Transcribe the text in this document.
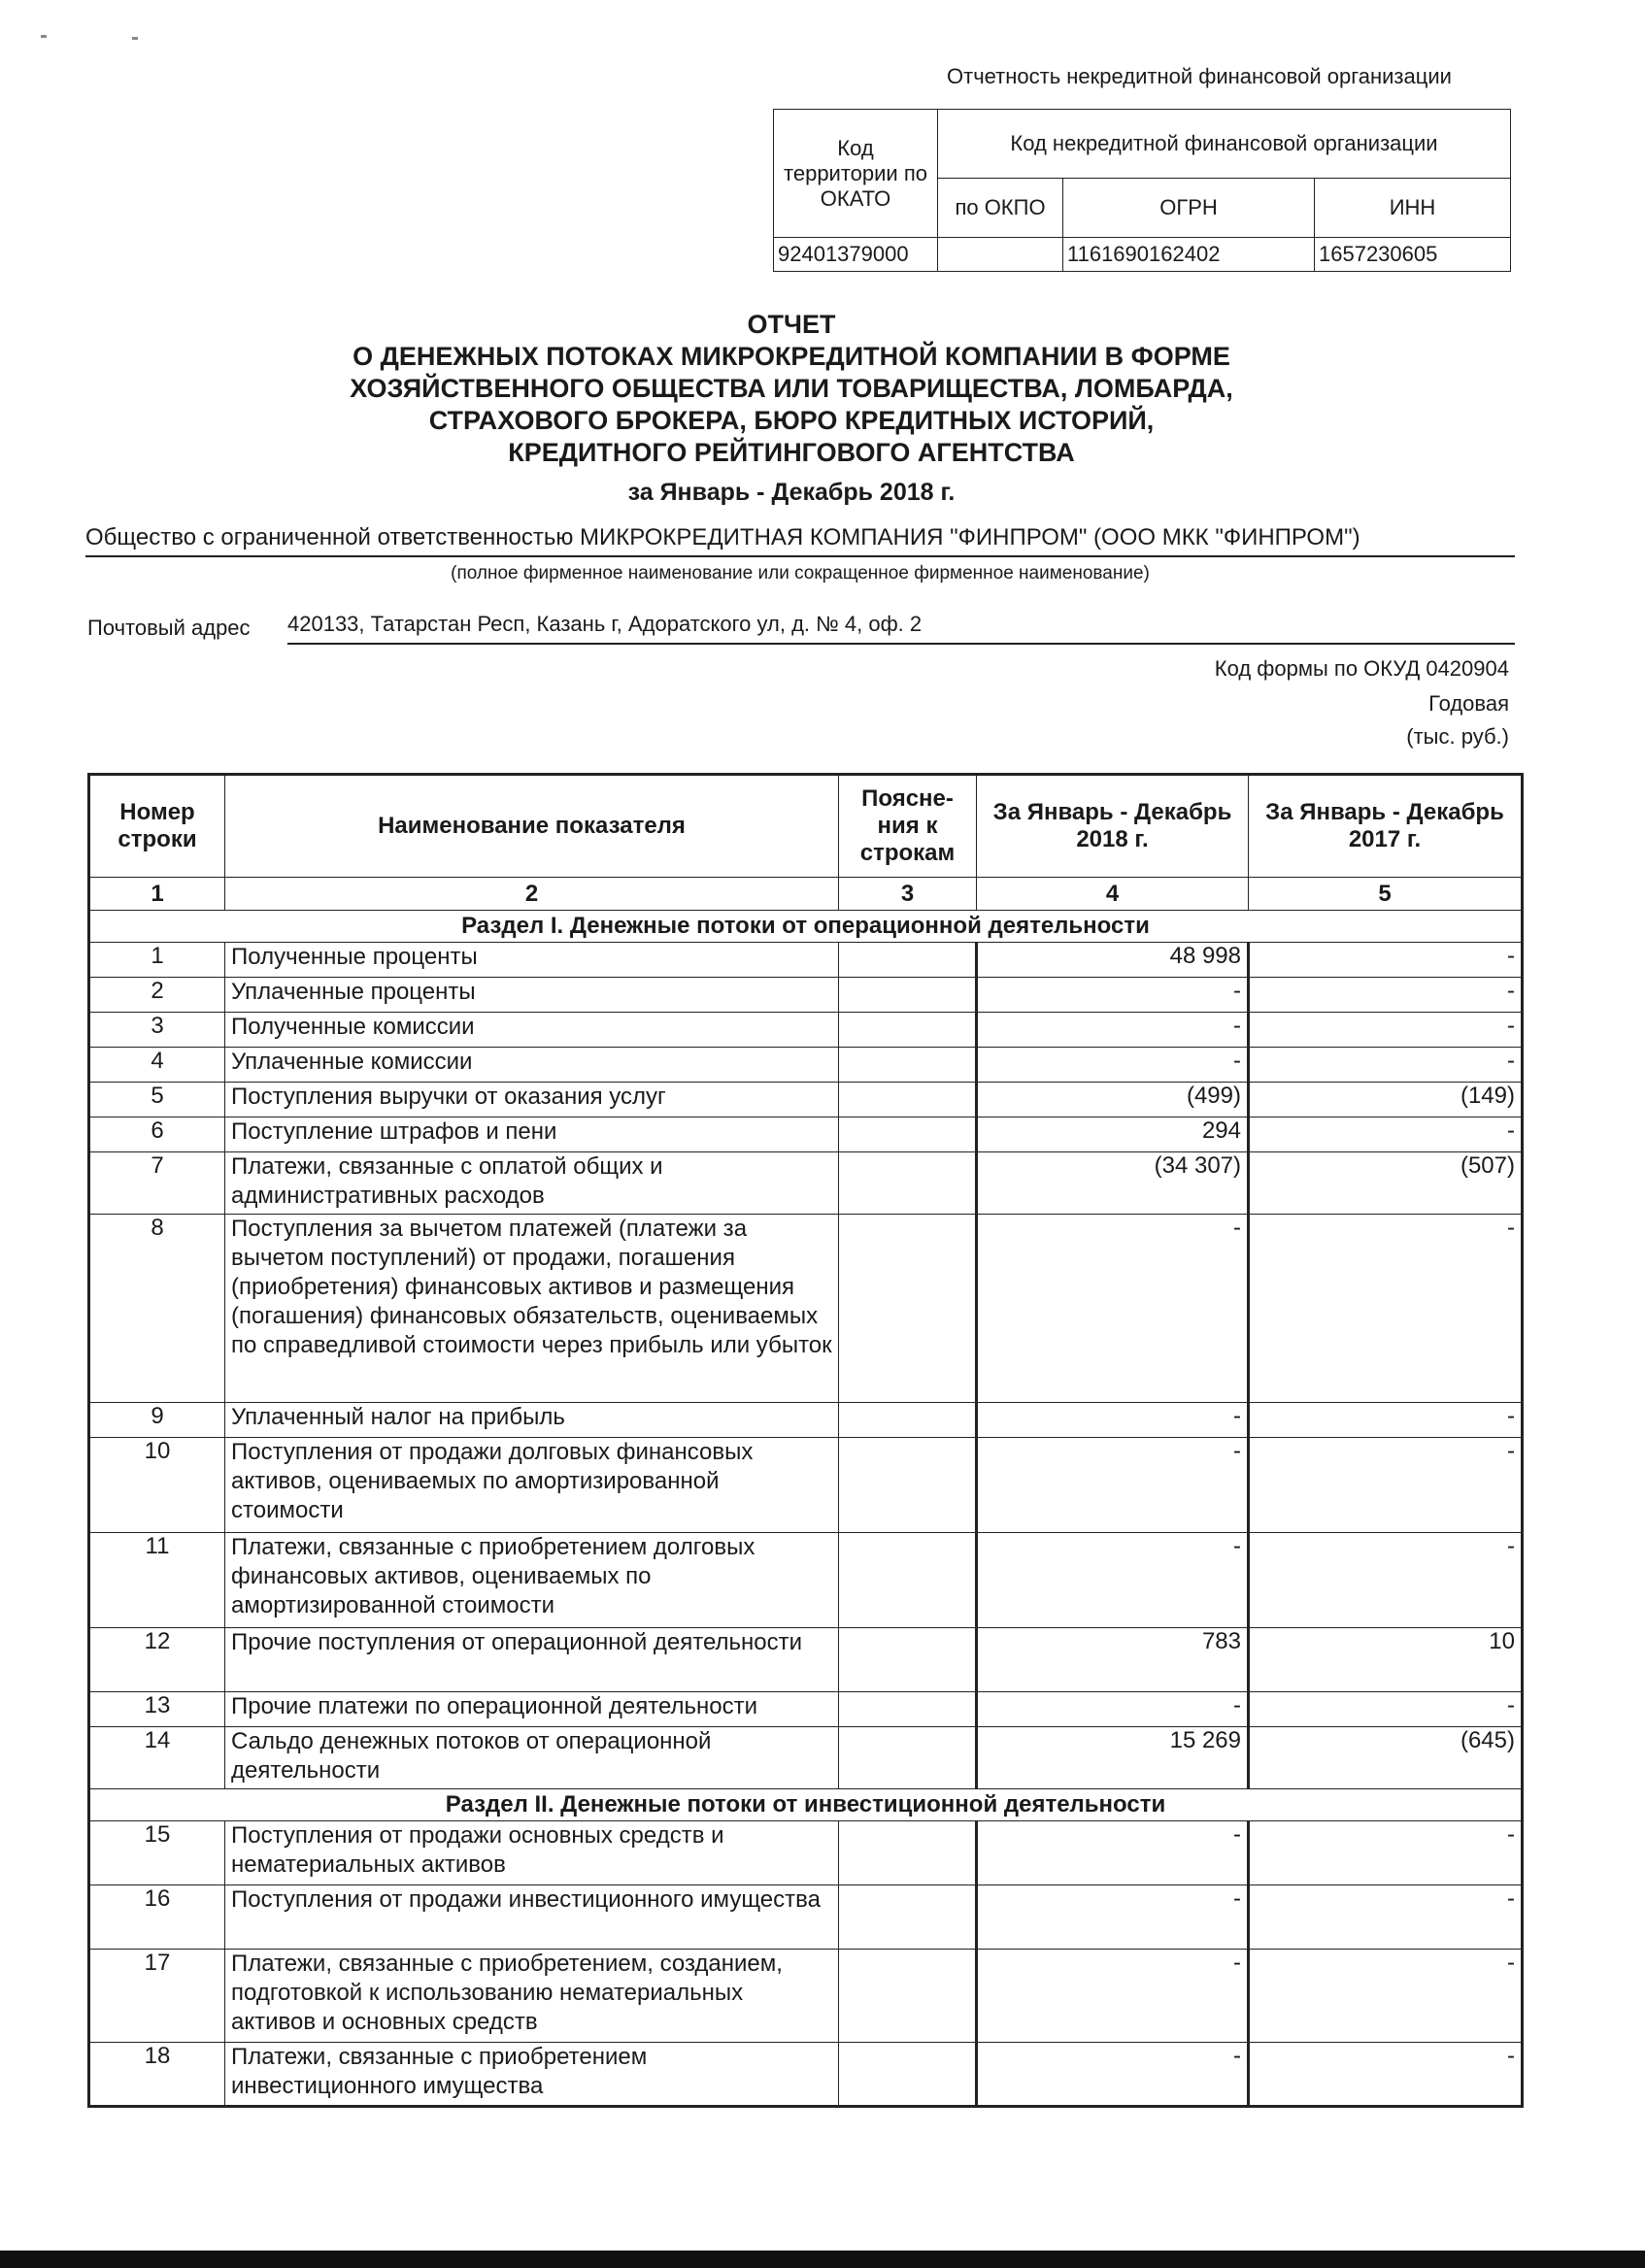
Отчетность некредитной финансовой организации
Код территории по ОКАТО	Код некредитной финансовой организации		
	по ОКПО	ОГРН	ИНН
92401379000		1161690162402	1657230605
ОТЧЕТ
О ДЕНЕЖНЫХ ПОТОКАХ МИКРОКРЕДИТНОЙ КОМПАНИИ В ФОРМЕ
ХОЗЯЙСТВЕННОГО ОБЩЕСТВА ИЛИ ТОВАРИЩЕСТВА, ЛОМБАРДА,
СТРАХОВОГО БРОКЕРА, БЮРО КРЕДИТНЫХ ИСТОРИЙ,
КРЕДИТНОГО РЕЙТИНГОВОГО АГЕНТСТВА
за Январь - Декабрь 2018 г.
Общество с ограниченной ответственностью МИКРОКРЕДИТНАЯ КОМПАНИЯ "ФИНПРОМ" (ООО МКК "ФИНПРОМ")
(полное фирменное наименование или сокращенное фирменное наименование)
Почтовый адрес 420133, Татарстан Респ, Казань г, Адоратского ул, д. № 4, оф. 2
Код формы по ОКУД 0420904
Годовая
(тыс. руб.)
Номер строки	Наименование показателя	Поясне-ния к строкам	За Январь - Декабрь 2018 г.	За Январь - Декабрь 2017 г.
1	2	3	4	5
Раздел I. Денежные потоки от операционной деятельности				
1	Полученные проценты		48 998	-
2	Уплаченные проценты		-	-
3	Полученные комиссии		-	-
4	Уплаченные комиссии		-	-
5	Поступления выручки от оказания услуг		(499)	(149)
6	Поступление штрафов и пени		294	-
7	Платежи, связанные с оплатой общих и административных расходов		(34 307)	(507)
8	Поступления за вычетом платежей (платежи за вычетом поступлений) от продажи, погашения (приобретения) финансовых активов и размещения (погашения) финансовых обязательств, оцениваемых по справедливой стоимости через прибыль или убыток		-	-
9	Уплаченный налог на прибыль		-	-
10	Поступления от продажи долговых финансовых активов, оцениваемых по амортизированной стоимости		-	-
11	Платежи, связанные с приобретением долговых финансовых активов, оцениваемых по амортизированной стоимости		-	-
12	Прочие поступления от операционной деятельности		783	10
13	Прочие платежи по операционной деятельности		-	-
14	Сальдо денежных потоков от операционной деятельности		15 269	(645)
Раздел II. Денежные потоки от инвестиционной деятельности				
15	Поступления от продажи основных средств и нематериальных активов		-	-
16	Поступления от продажи инвестиционного имущества		-	-
17	Платежи, связанные с приобретением, созданием, подготовкой к использованию нематериальных активов и основных средств		-	-
18	Платежи, связанные с приобретением инвестиционного имущества		-	-
